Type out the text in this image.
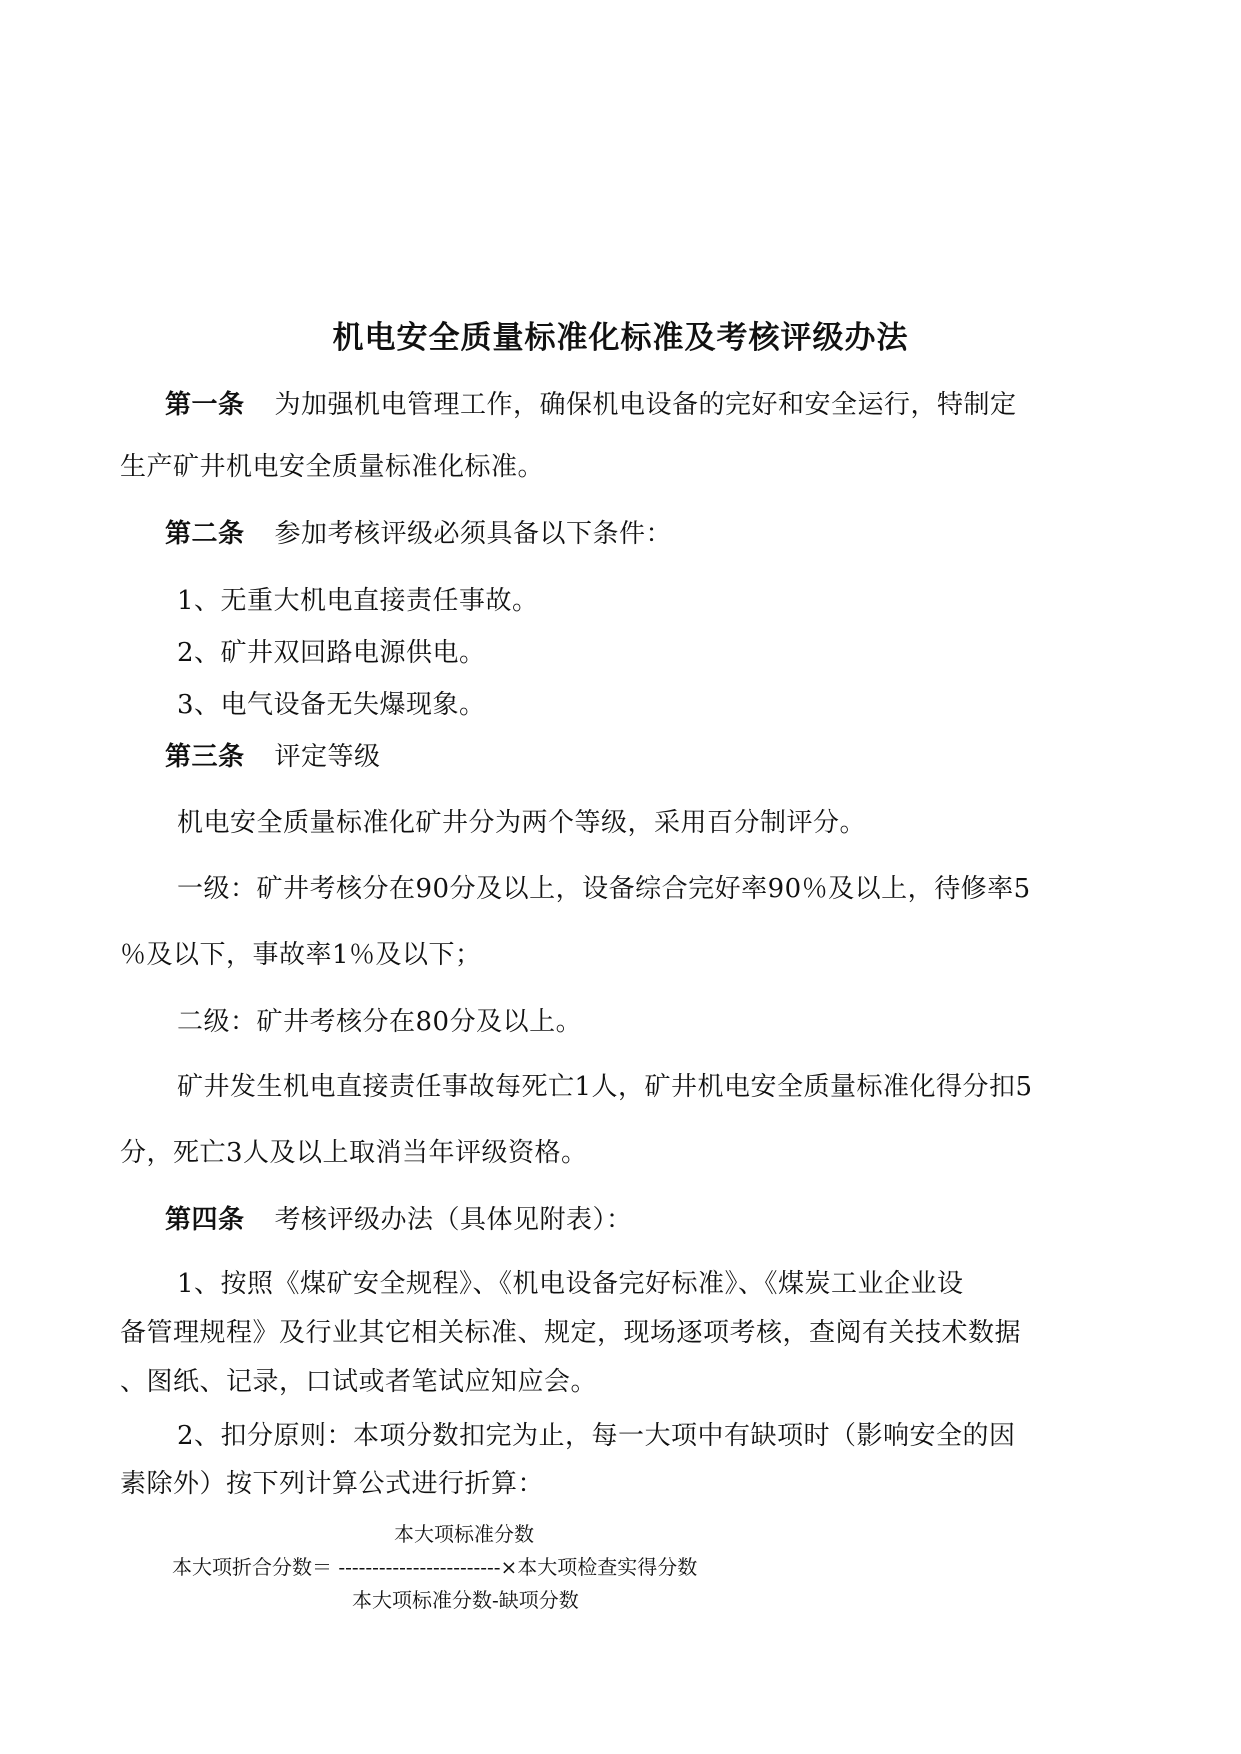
机电安全质量标准化标准及考核评级办法
第一条 为加强机电管理工作，确保机电设备的完好和安全运行，特制定
生产矿井机电安全质量标准化标准。
第二条 参加考核评级必须具备以下条件：
1、无重大机电直接责任事故。
2、矿井双回路电源供电。
3、电气设备无失爆现象。
第三条 评定等级
机电安全质量标准化矿井分为两个等级，采用百分制评分。
一级：矿井考核分在90分及以上，设备综合完好率90％及以上，待修率5
％及以下，事故率1％及以下；
二级：矿井考核分在80分及以上。
矿井发生机电直接责任事故每死亡1人，矿井机电安全质量标准化得分扣5
分，死亡3人及以上取消当年评级资格。
第四条 考核评级办法（具体见附表）：
1、按照《煤矿安全规程》、《机电设备完好标准》、《煤炭工业企业设
备管理规程》及行业其它相关标准、规定，现场逐项考核，查阅有关技术数据
、图纸、记录，口试或者笔试应知应会。
2、扣分原则：本项分数扣完为止，每一大项中有缺项时（影响安全的因
素除外）按下列计算公式进行折算：
本大项标准分数
本大项折合分数＝ ------------------------×本大项检查实得分数
本大项标准分数-缺项分数
